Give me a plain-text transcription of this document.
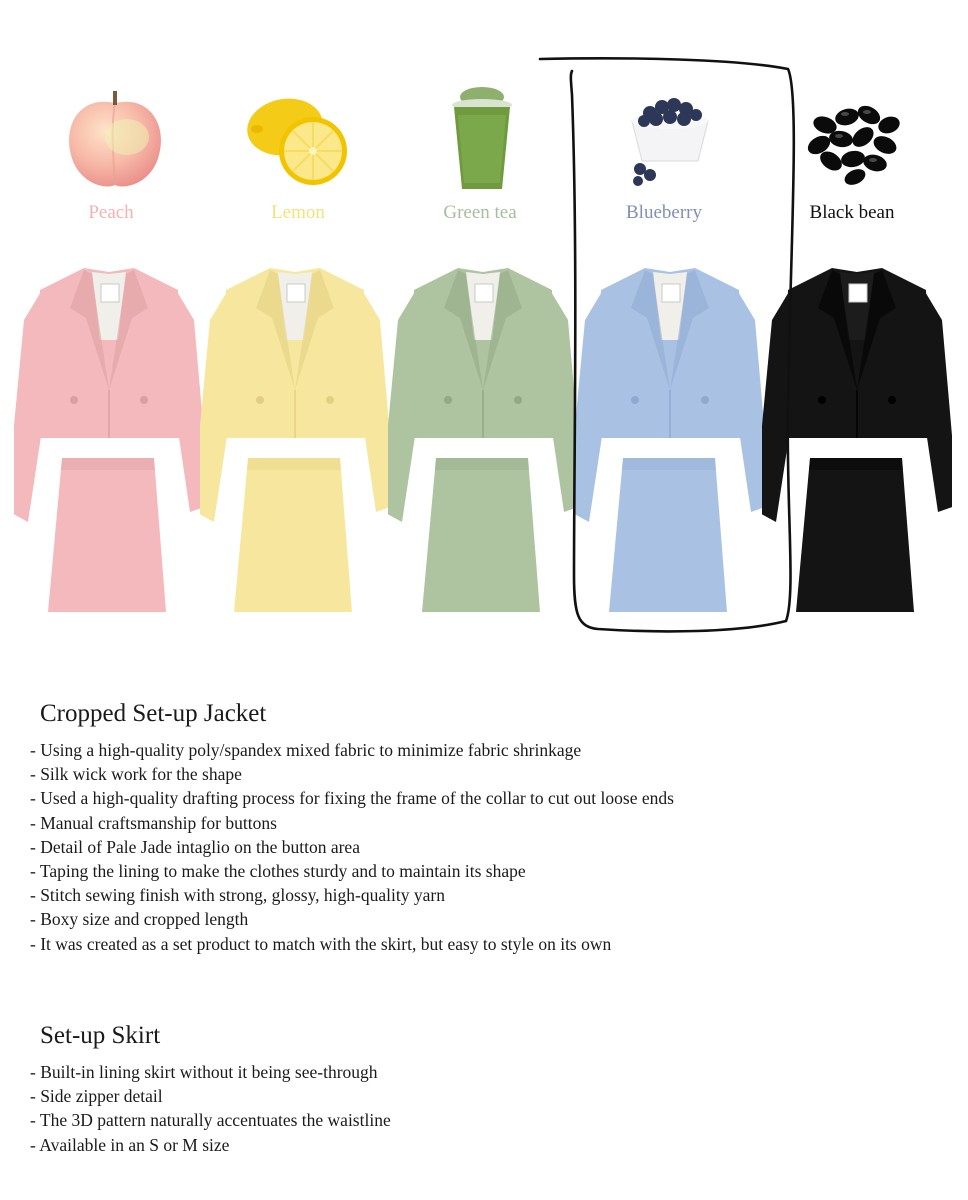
Peach	Lemon	Green tea	Blueberry	Black bean
Cropped Set-up Jacket
- Using a high-quality poly/spandex mixed fabric to minimize fabric shrinkage
- Silk wick work for the shape
- Used a high-quality drafting process for fixing the frame of the collar to cut out loose ends
- Manual craftsmanship for buttons
- Detail of Pale Jade intaglio on the button area
- Taping the lining to make the clothes sturdy and to maintain its shape
- Stitch sewing finish with strong, glossy, high-quality yarn
- Boxy size and cropped length
- It was created as a set product to match with the skirt, but easy to style on its own
Set-up Skirt
- Built-in lining skirt without it being see-through
- Side zipper detail
- The 3D pattern naturally accentuates the waistline
- Available in an S or M size
